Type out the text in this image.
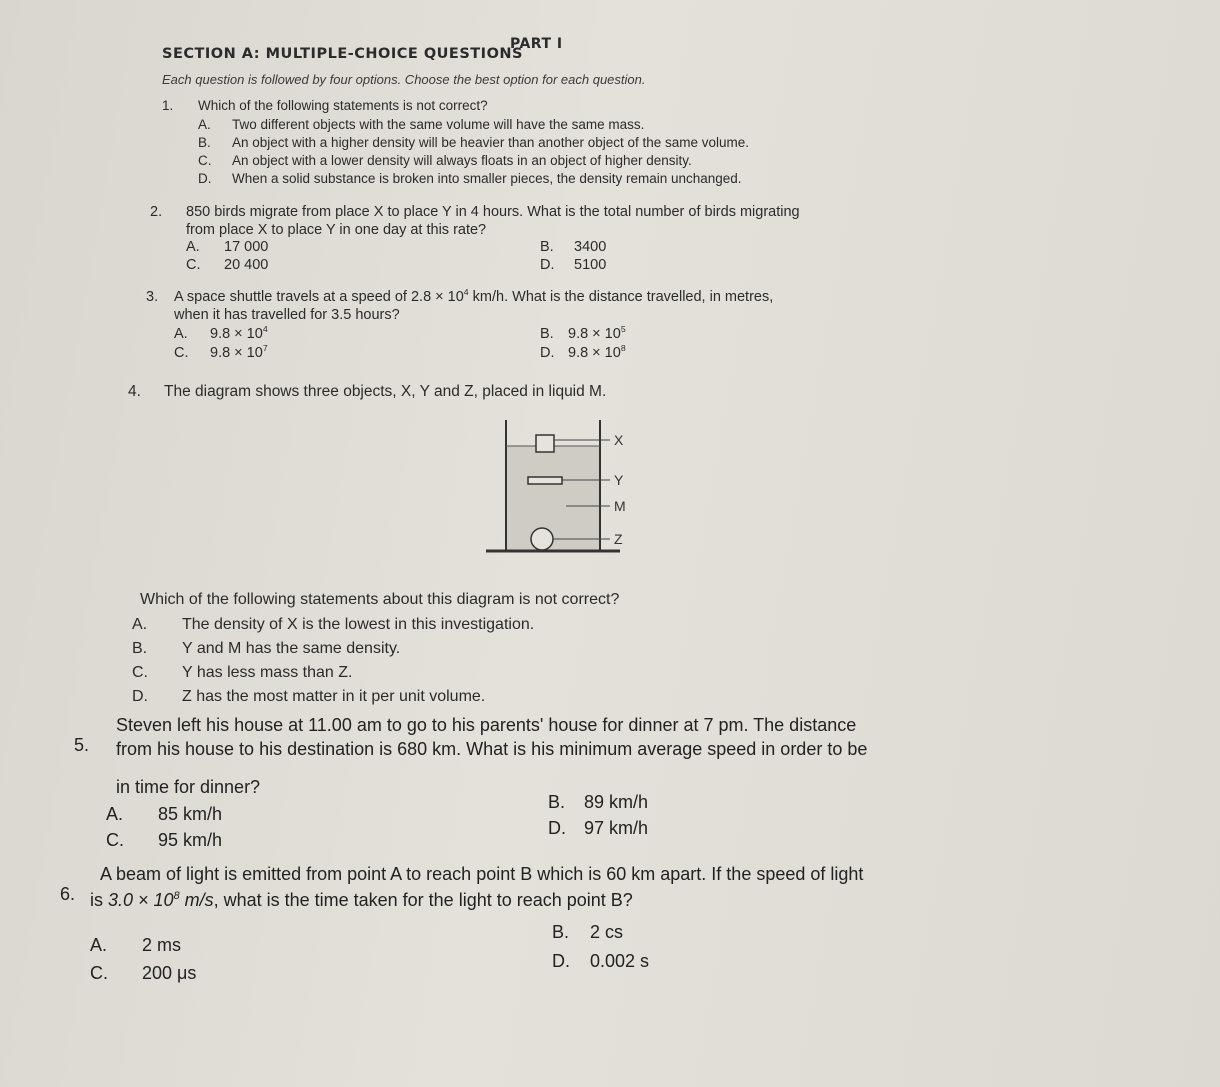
PART I
SECTION A: MULTIPLE-CHOICE QUESTIONS
Each question is followed by four options. Choose the best option for each question.
1. Which of the following statements is not correct?
A. Two different objects with the same volume will have the same mass.
B. An object with a higher density will be heavier than another object of the same volume.
C. An object with a lower density will always floats in an object of higher density.
D. When a solid substance is broken into smaller pieces, the density remain unchanged.
2. 850 birds migrate from place X to place Y in 4 hours. What is the total number of birds migrating
from place X to place Y in one day at this rate?
A. 17 000	B. 3400
C. 20 400	D. 5100
3. A space shuttle travels at a speed of $2.8 \times 10^4$ km/h. What is the distance travelled, in metres,
when it has travelled for 3.5 hours?
A. $9.8 \times 10^4$	B. $9.8 \times 10^5$
C. $9.8 \times 10^7$	D. $9.8 \times 10^8$
4. The diagram shows three objects, X, Y and Z, placed in liquid M.
X
Y
M
Z
Which of the following statements about this diagram is not correct?
A. The density of X is the lowest in this investigation.
B. Y and M has the same density.
C. Y has less mass than Z.
D. Z has the most matter in it per unit volume.
5.
Steven left his house at 11.00 am to go to his parents' house for dinner at 7 pm. The distance
from his house to his destination is 680 km. What is his minimum average speed in order to be
in time for dinner?
A. 85 km/h
B. 89 km/h
C. 95 km/h
D. 97 km/h
6.
A beam of light is emitted from point A to reach point B which is 60 km apart. If the speed of light
is $3.0 \times 10^8$ m/s, what is the time taken for the light to reach point B?
A. 2 ms
B. 2 cs
C. 200 μs
D. 0.002 s
